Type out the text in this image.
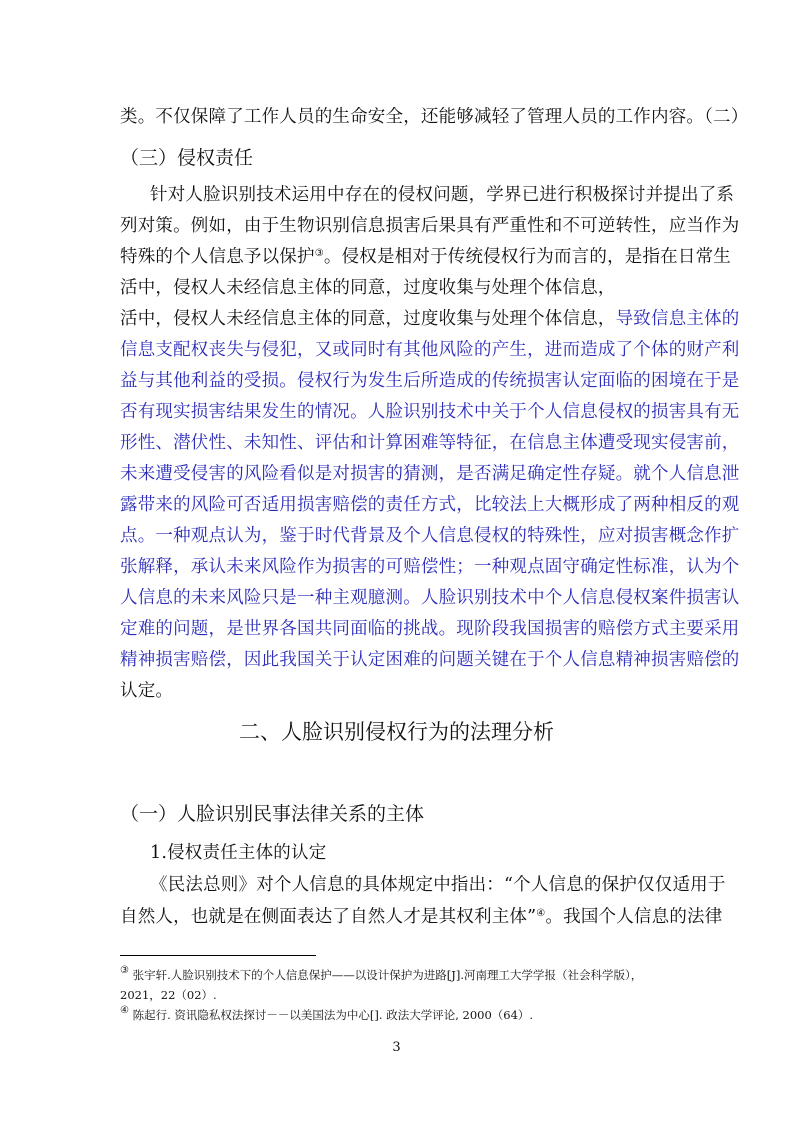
类。不仅保障了工作人员的生命安全，还能够减轻了管理人员的工作内容。（二）
（三）侵权责任
针对人脸识别技术运用中存在的侵权问题，学界已进行积极探讨并提出了系
列对策。例如，由于生物识别信息损害后果具有严重性和不可逆转性，应当作为
特殊的个人信息予以保护③。侵权是相对于传统侵权行为而言的，是指在日常生
活中，侵权人未经信息主体的同意，过度收集与处理个体信息，
活中，侵权人未经信息主体的同意，过度收集与处理个体信息，导致信息主体的
信息支配权丧失与侵犯，又或同时有其他风险的产生，进而造成了个体的财产利
益与其他利益的受损。侵权行为发生后所造成的传统损害认定面临的困境在于是
否有现实损害结果发生的情况。人脸识别技术中关于个人信息侵权的损害具有无
形性、潜伏性、未知性、评估和计算困难等特征，在信息主体遭受现实侵害前，
未来遭受侵害的风险看似是对损害的猜测，是否满足确定性存疑。就个人信息泄
露带来的风险可否适用损害赔偿的责任方式，比较法上大概形成了两种相反的观
点。一种观点认为，鉴于时代背景及个人信息侵权的特殊性，应对损害概念作扩
张解释，承认未来风险作为损害的可赔偿性；一种观点固守确定性标准，认为个
人信息的未来风险只是一种主观臆测。人脸识别技术中个人信息侵权案件损害认
定难的问题，是世界各国共同面临的挑战。现阶段我国损害的赔偿方式主要采用
精神损害赔偿，因此我国关于认定困难的问题关键在于个人信息精神损害赔偿的
认定。
二、人脸识别侵权行为的法理分析
（一）人脸识别民事法律关系的主体
1.侵权责任主体的认定
《民法总则》对个人信息的具体规定中指出：“个人信息的保护仅仅适用于
自然人，也就是在侧面表达了自然人才是其权利主体”④。我国个人信息的法律
③ 张宇轩.人脸识别技术下的个人信息保护——以设计保护为进路[J].河南理工大学学报（社会科学版），
2021，22（02）.
④ 陈起行. 资讯隐私权法探讨－－以美国法为中心[]. 政法大学评论, 2000（64）.
3
